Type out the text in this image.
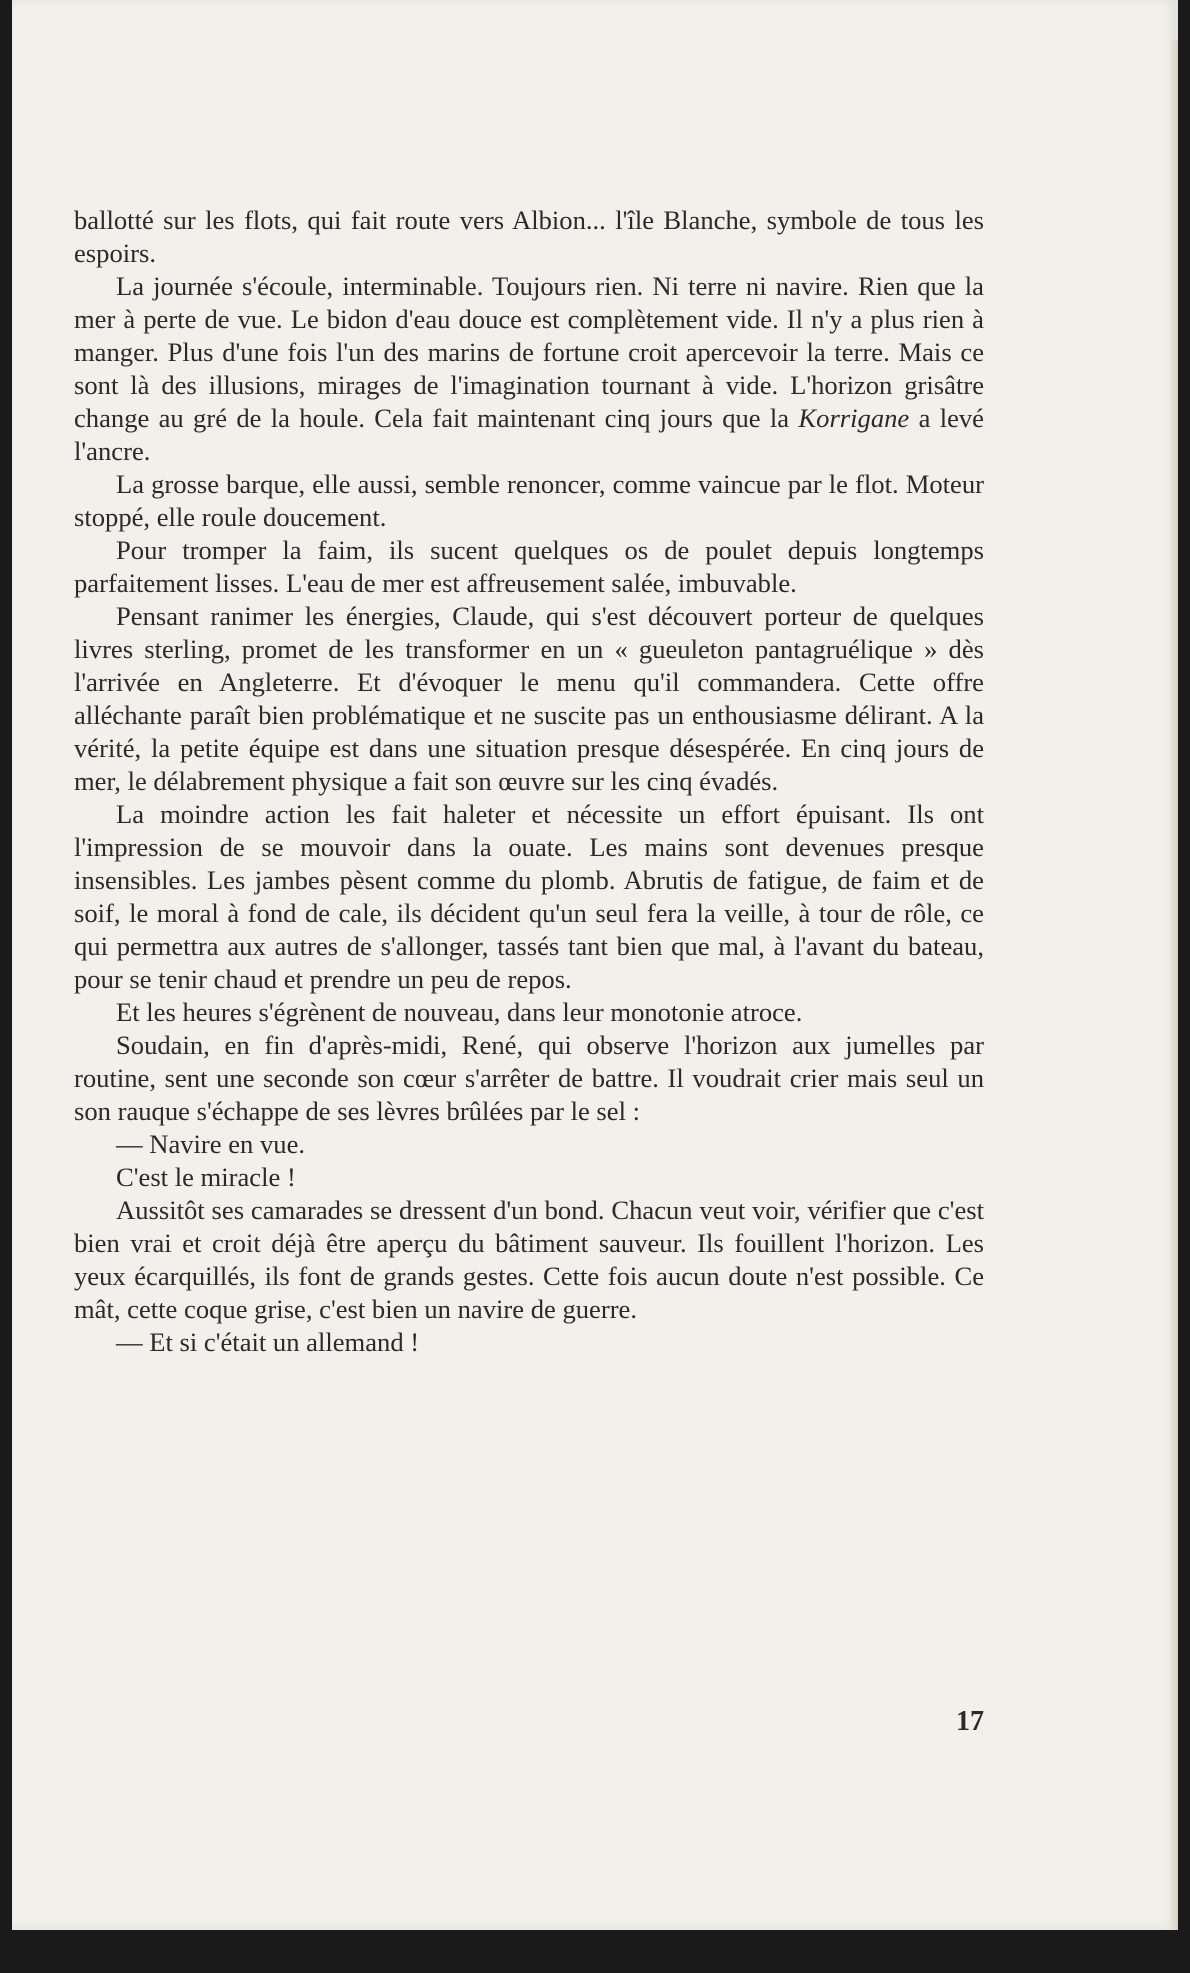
ballotté sur les flots, qui fait route vers Albion... l'île Blanche, symbole de tous les espoirs.

La journée s'écoule, interminable. Toujours rien. Ni terre ni navire. Rien que la mer à perte de vue. Le bidon d'eau douce est complètement vide. Il n'y a plus rien à manger. Plus d'une fois l'un des marins de fortune croit apercevoir la terre. Mais ce sont là des illusions, mirages de l'imagination tournant à vide. L'horizon grisâtre change au gré de la houle. Cela fait maintenant cinq jours que la Korrigane a levé l'ancre.

La grosse barque, elle aussi, semble renoncer, comme vaincue par le flot. Moteur stoppé, elle roule doucement.

Pour tromper la faim, ils sucent quelques os de poulet depuis longtemps parfaitement lisses. L'eau de mer est affreusement salée, imbuvable.

Pensant ranimer les énergies, Claude, qui s'est découvert porteur de quelques livres sterling, promet de les transformer en un « gueuleton pantagruélique » dès l'arrivée en Angleterre. Et d'évoquer le menu qu'il commandera. Cette offre alléchante paraît bien problématique et ne suscite pas un enthousiasme délirant. A la vérité, la petite équipe est dans une situation presque désespérée. En cinq jours de mer, le délabrement physique a fait son œuvre sur les cinq évadés.

La moindre action les fait haleter et nécessite un effort épuisant. Ils ont l'impression de se mouvoir dans la ouate. Les mains sont devenues presque insensibles. Les jambes pèsent comme du plomb. Abrutis de fatigue, de faim et de soif, le moral à fond de cale, ils décident qu'un seul fera la veille, à tour de rôle, ce qui permettra aux autres de s'allonger, tassés tant bien que mal, à l'avant du bateau, pour se tenir chaud et prendre un peu de repos.

Et les heures s'égrènent de nouveau, dans leur monotonie atroce.

Soudain, en fin d'après-midi, René, qui observe l'horizon aux jumelles par routine, sent une seconde son cœur s'arrêter de battre. Il voudrait crier mais seul un son rauque s'échappe de ses lèvres brûlées par le sel :

— Navire en vue.

C'est le miracle !

Aussitôt ses camarades se dressent d'un bond. Chacun veut voir, vérifier que c'est bien vrai et croit déjà être aperçu du bâtiment sauveur. Ils fouillent l'horizon. Les yeux écarquillés, ils font de grands gestes. Cette fois aucun doute n'est possible. Ce mât, cette coque grise, c'est bien un navire de guerre.

— Et si c'était un allemand !

17
